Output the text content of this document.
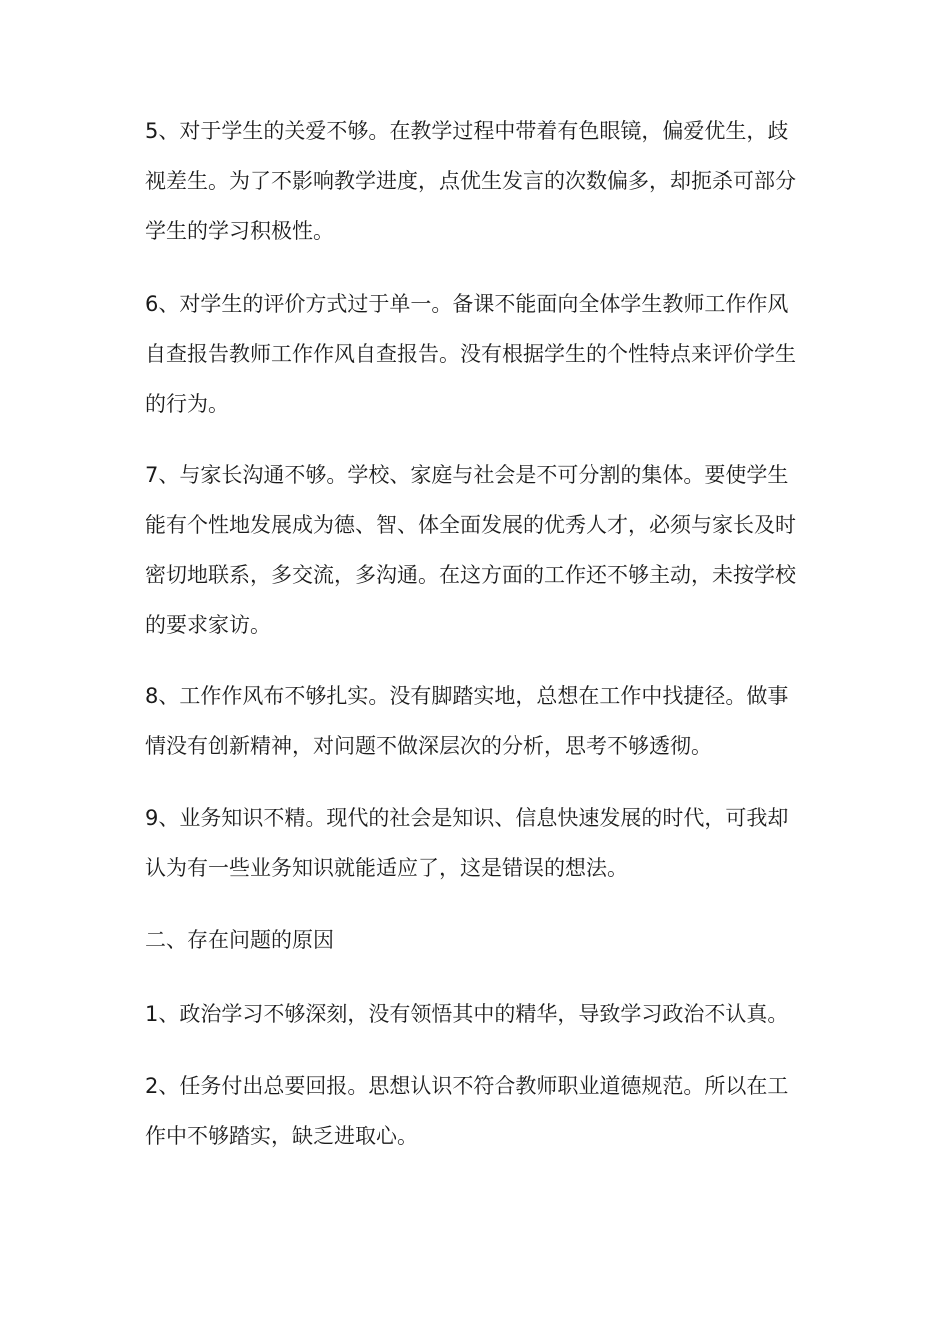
5、对于学生的关爱不够。在教学过程中带着有色眼镜，偏爱优生，歧
视差生。为了不影响教学进度，点优生发言的次数偏多，却扼杀可部分
学生的学习积极性。

6、对学生的评价方式过于单一。备课不能面向全体学生教师工作作风
自查报告教师工作作风自查报告。没有根据学生的个性特点来评价学生
的行为。

7、与家长沟通不够。学校、家庭与社会是不可分割的集体。要使学生
能有个性地发展成为德、智、体全面发展的优秀人才，必须与家长及时
密切地联系，多交流，多沟通。在这方面的工作还不够主动，未按学校
的要求家访。

8、工作作风布不够扎实。没有脚踏实地，总想在工作中找捷径。做事
情没有创新精神，对问题不做深层次的分析，思考不够透彻。

9、业务知识不精。现代的社会是知识、信息快速发展的时代，可我却
认为有一些业务知识就能适应了，这是错误的想法。

二、存在问题的原因

1、政治学习不够深刻，没有领悟其中的精华，导致学习政治不认真。

2、任务付出总要回报。思想认识不符合教师职业道德规范。所以在工
作中不够踏实，缺乏进取心。
